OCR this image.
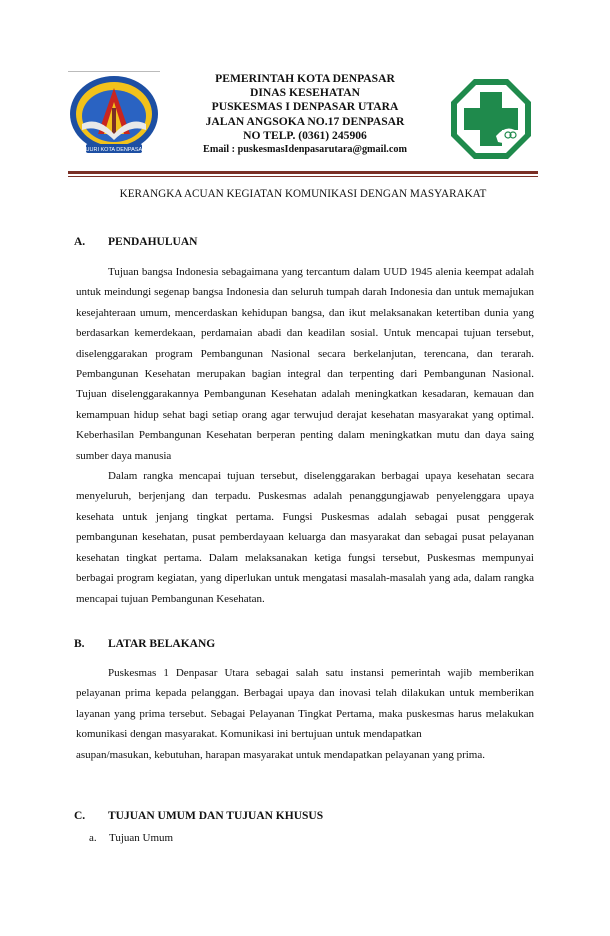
PUURI KOTA DENPASAR
PEMERINTAH KOTA DENPASAR
DINAS KESEHATAN
PUSKESMAS I DENPASAR UTARA
JALAN ANGSOKA NO.17 DENPASAR
NO TELP. (0361) 245906
Email : puskesmasIdenpasarutara@gmail.com
KERANGKA ACUAN KEGIATAN KOMUNIKASI DENGAN MASYARAKAT
A. PENDAHULUAN

Tujuan bangsa Indonesia sebagaimana yang tercantum dalam UUD 1945 alenia keempat adalah untuk meindungi segenap bangsa Indonesia dan seluruh tumpah darah Indonesia dan untuk memajukan kesejahteraan umum, mencerdaskan kehidupan bangsa, dan ikut melaksanakan ketertiban dunia yang berdasarkan kemerdekaan, perdamaian abadi dan keadilan sosial. Untuk mencapai tujuan tersebut, diselenggarakan program Pembangunan Nasional secara berkelanjutan, terencana, dan terarah. Pembangunan Kesehatan merupakan bagian integral dan terpenting dari Pembangunan Nasional. Tujuan diselenggarakannya Pembangunan Kesehatan adalah meningkatkan kesadaran, kemauan dan kemampuan hidup sehat bagi setiap orang agar terwujud derajat kesehatan masyarakat yang optimal. Keberhasilan Pembangunan Kesehatan berperan penting dalam meningkatkan mutu dan daya saing sumber daya manusia

Dalam rangka mencapai tujuan tersebut, diselenggarakan berbagai upaya kesehatan secara menyeluruh, berjenjang dan terpadu. Puskesmas adalah penanggungjawab penyelenggara upaya kesehata untuk jenjang tingkat pertama. Fungsi Puskesmas adalah sebagai pusat penggerak pembangunan kesehatan, pusat pemberdayaan keluarga dan masyarakat dan sebagai pusat pelayanan kesehatan tingkat pertama. Dalam melaksanakan ketiga fungsi tersebut, Puskesmas mempunyai berbagai program kegiatan, yang diperlukan untuk mengatasi masalah-masalah yang ada, dalam rangka mencapai tujuan Pembangunan Kesehatan.

B. LATAR BELAKANG

Puskesmas 1 Denpasar Utara sebagai salah satu instansi pemerintah wajib memberikan pelayanan prima kepada pelanggan. Berbagai upaya dan inovasi telah dilakukan untuk memberikan layanan yang prima tersebut. Sebagai Pelayanan Tingkat Pertama, maka puskesmas harus melakukan komunikasi dengan masyarakat. Komunikasi ini bertujuan untuk mendapatkan

asupan/masukan, kebutuhan, harapan masyarakat untuk mendapatkan pelayanan yang prima.

C. TUJUAN UMUM DAN TUJUAN KHUSUS
a. Tujuan Umum
